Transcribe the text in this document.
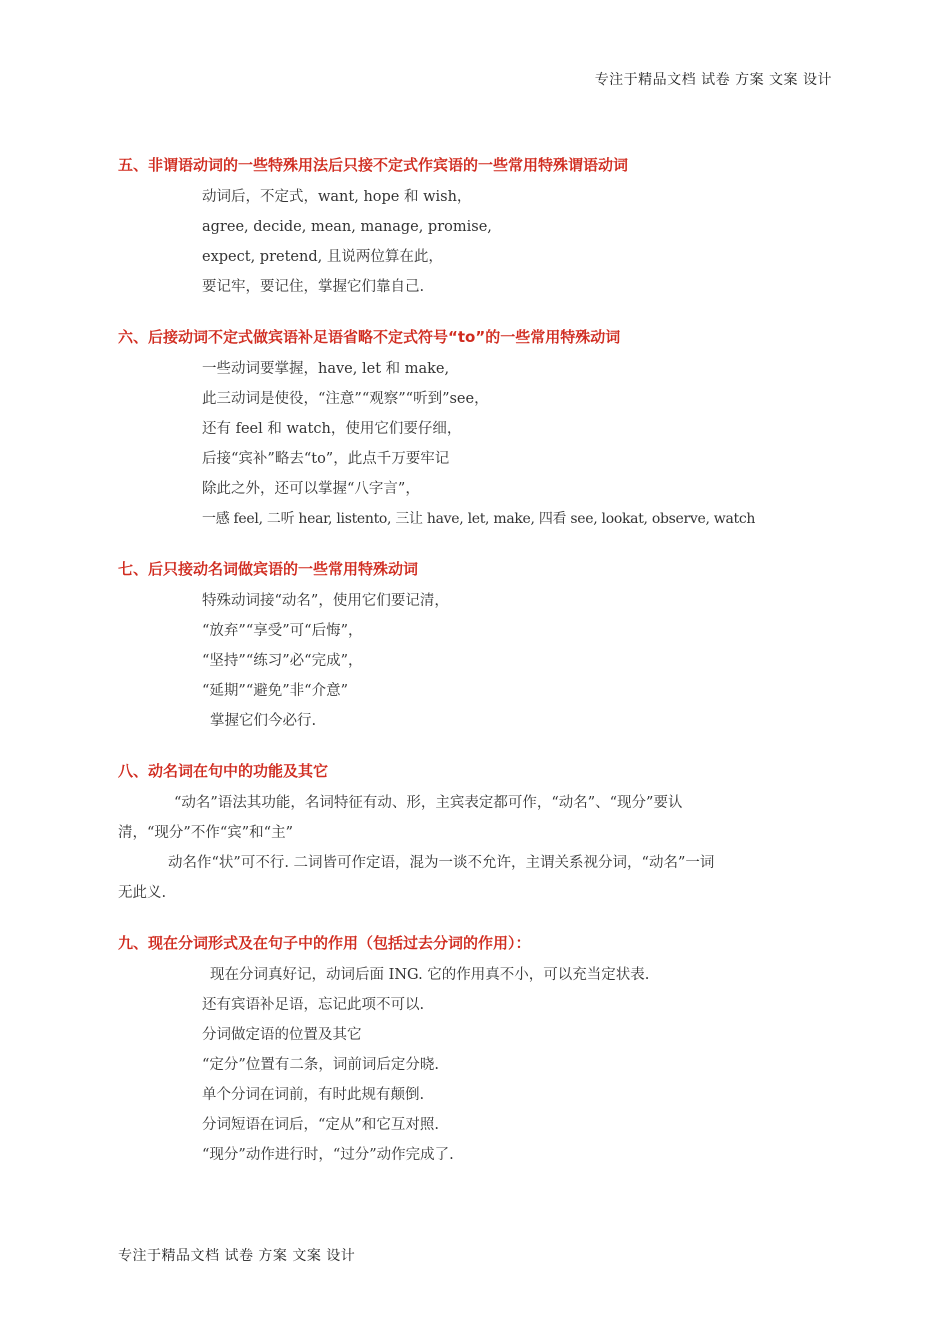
专注于精品文档 试卷 方案 文案 设计
五、非谓语动词的一些特殊用法后只接不定式作宾语的一些常用特殊谓语动词
动词后，不定式，want, hope 和 wish，
agree, decide, mean, manage, promise,
expect, pretend, 且说两位算在此，
要记牢，要记住，掌握它们靠自己.
六、后接动词不定式做宾语补足语省略不定式符号“to”的一些常用特殊动词
一些动词要掌握，have, let 和 make,
此三动词是使役，“注意”“观察”“听到”see，
还有 feel 和 watch，使用它们要仔细，
后接“宾补”略去“to”，此点千万要牢记
除此之外，还可以掌握“八字言”，
一感 feel, 二听 hear, listento, 三让 have, let, make, 四看 see, lookat, observe, watch
七、后只接动名词做宾语的一些常用特殊动词
特殊动词接“动名”，使用它们要记清，
“放弃”“享受”可“后悔”，
“坚持”“练习”必“完成”，
“延期”“避免”非“介意”
掌握它们今必行.
八、动名词在句中的功能及其它
“动名”语法其功能，名词特征有动、形，主宾表定都可作，“动名”、“现分”要认
清，“现分”不作“宾”和“主”
动名作“状”可不行. 二词皆可作定语，混为一谈不允许，主谓关系视分词，“动名”一词
无此义.
九、现在分词形式及在句子中的作用（包括过去分词的作用）：
现在分词真好记，动词后面 ING. 它的作用真不小，可以充当定状表.
还有宾语补足语，忘记此项不可以.
分词做定语的位置及其它
“定分”位置有二条，词前词后定分晓.
单个分词在词前，有时此规有颠倒.
分词短语在词后，“定从”和它互对照.
“现分”动作进行时，“过分”动作完成了.
专注于精品文档 试卷 方案 文案 设计
